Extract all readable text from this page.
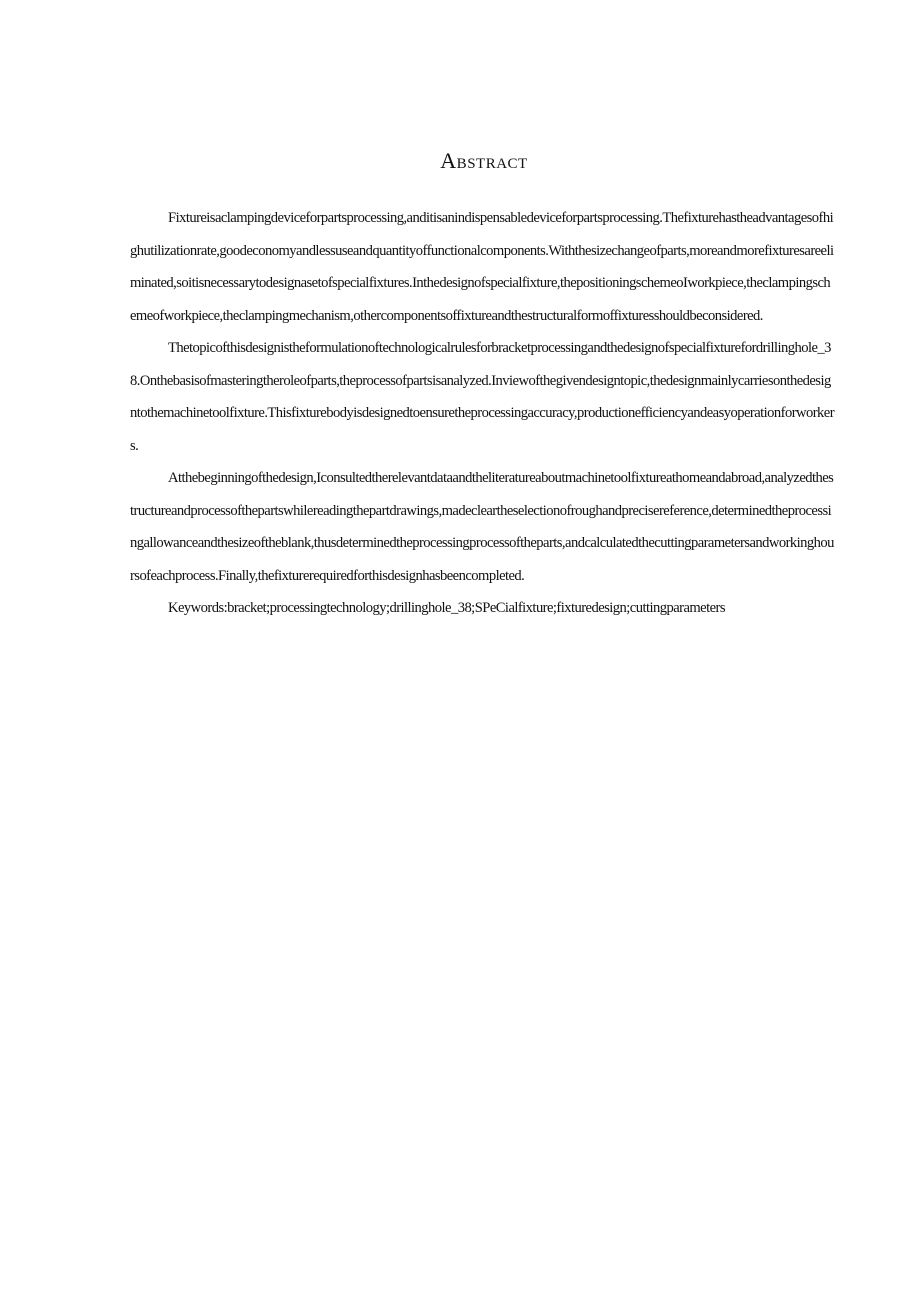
Abstract

Fixtureisaclampingdeviceforpartsprocessing,anditisanindispensabledeviceforpartsprocessing.Thefixturehastheadvantagesofhighutilizationrate,goodeconomyandlessuseandquantityoffunctionalcomponents.Withthesizechangeofparts,moreandmorefixturesareeliminated,soitisnecessarytodesignasetofspecialfixtures.Inthedesignofspecialfixture,thepositioningschemeoIworkpiece,theclampingschemeofworkpiece,theclampingmechanism,othercomponentsoffixtureandthestructuralformoffixturesshouldbeconsidered.

Thetopicofthisdesignistheformulationoftechnologicalrulesforbracketprocessingandthedesignofspecialfixturefordrillinghole_38.Onthebasisofmasteringtheroleofparts,theprocessofpartsisanalyzed.Inviewofthegivendesigntopic,thedesignmainlycarriesonthedesigntothemachinetoolfixture.Thisfixturebodyisdesignedtoensuretheprocessingaccuracy,productionefficiencyandeasyoperationforworkers.

Atthebeginningofthedesign,Iconsultedtherelevantdataandtheliteratureaboutmachinetoolfixtureathomeandabroad,analyzedthestructureandprocessofthepartswhilereadingthepartdrawings,madecleartheselectionofroughandprecisereference,determinedtheprocessingallowanceandthesizeoftheblank,thusdeterminedtheprocessingprocessoftheparts,andcalculatedthecuttingparametersandworkinghoursofeachprocess.Finally,thefixturerequiredforthisdesignhasbeencompleted.

Keywords:bracket;processingtechnology;drillinghole_38;SPeCialfixture;fixturedesign;cuttingparameters
